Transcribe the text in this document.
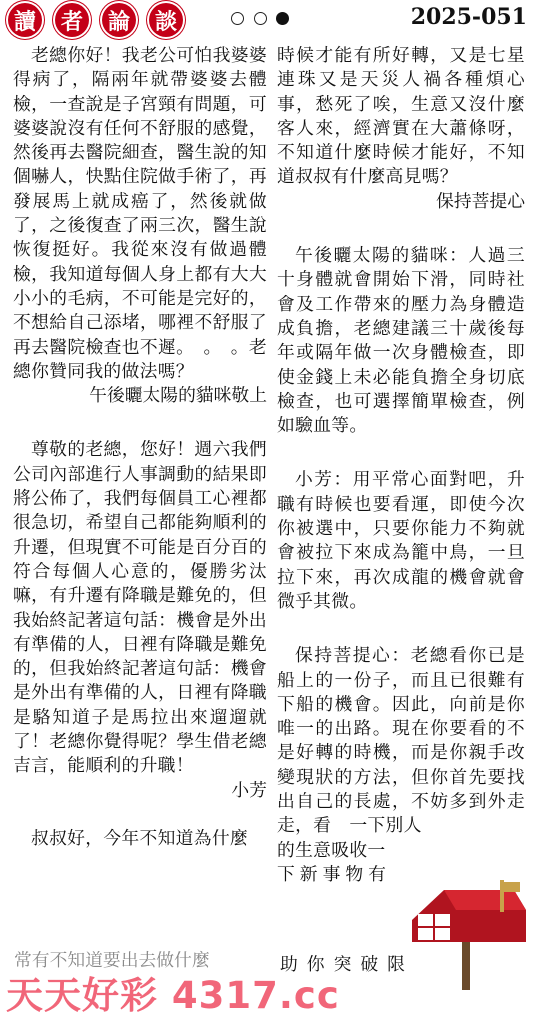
讀 者 論 談	2025-051

老總你好！我老公可怕我婆婆得病了，隔兩年就帶婆婆去體檢，一查說是子宮頸有問題，可婆婆說沒有任何不舒服的感覺，然後再去醫院細查，醫生說的知個嚇人，快點住院做手術了，再發展馬上就成癌了，然後就做了，之後復查了兩三次，醫生說恢復挺好。我從來沒有做過體檢，我知道每個人身上都有大大小小的毛病，不可能是完好的，不想給自己添堵，哪裡不舒服了再去醫院檢查也不遲。　。　。老總你贊同我的做法嗎？

午後曬太陽的貓咪敬上

尊敬的老總，您好！週六我們公司內部進行人事調動的結果即將公佈了，我們每個員工心裡都很急切，希望自己都能夠順利的升遷，但現實不可能是百分百的符合每個人心意的，優勝劣汰嘛，有升遷有降職是難免的，但我始終記著這句話：機會是外出有準備的人，日裡有降職是難免的，但我始終記著這句話：機會是外出有準備的人，日裡有降職是駱知道子是馬拉出來遛遛就了！老總你覺得呢？學生借老總吉言，能順利的升職！

小芳

叔叔好，今年不知道為什麼

時候才能有所好轉，又是七星連珠又是天災人禍各種煩心事，愁死了唉，生意又沒什麼客人來，經濟實在大蕭條呀，不知道什麼時候才能好，不知道叔叔有什麼高見嗎？

保持菩提心

午後曬太陽的貓咪：人過三十身體就會開始下滑，同時社會及工作帶來的壓力為身體造成負擔，老總建議三十歲後每年或隔年做一次身體檢查，即使金錢上未必能負擔全身切底檢查，也可選擇簡單檢查，例如驗血等。

小芳：用平常心面對吧，升職有時候也要看運，即使今次你被選中，只要你能力不夠就會被拉下來成為籠中鳥，一旦拉下來，再次成龍的機會就會微乎其微。

保持菩提心：老總看你已是船上的一份子，而且已很難有下船的機會。因此，向前是你唯一的出路。現在你要看的不是好轉的時機，而是你親手改變現狀的方法，但你首先要找出自己的長處，不妨多到外走走，看　一下別人

的生意吸收一

下新事物有

常有不知道要出去做什麼	助你突破限
天天好彩 4317.cc
